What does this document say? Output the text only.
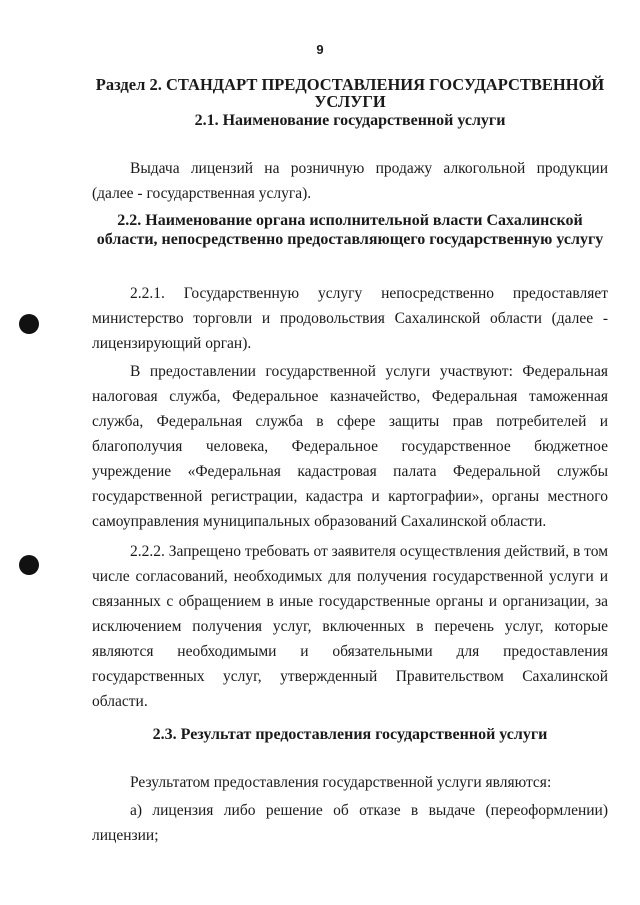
9
Раздел 2. СТАНДАРТ ПРЕДОСТАВЛЕНИЯ ГОСУДАРСТВЕННОЙ УСЛУГИ
2.1. Наименование государственной услуги
Выдача лицензий на розничную продажу алкогольной продукции (далее - государственная услуга).
2.2. Наименование органа исполнительной власти Сахалинской области, непосредственно предоставляющего государственную услугу
2.2.1. Государственную услугу непосредственно предоставляет министерство торговли и продовольствия Сахалинской области (далее - лицензирующий орган).
В предоставлении государственной услуги участвуют: Федеральная налоговая служба, Федеральное казначейство, Федеральная таможенная служба, Федеральная служба в сфере защиты прав потребителей и благополучия человека, Федеральное государственное бюджетное учреждение «Федеральная кадастровая палата Федеральной службы государственной регистрации, кадастра и картографии», органы местного самоуправления муниципальных образований Сахалинской области.
2.2.2. Запрещено требовать от заявителя осуществления действий, в том числе согласований, необходимых для получения государственной услуги и связанных с обращением в иные государственные органы и организации, за исключением получения услуг, включенных в перечень услуг, которые являются необходимыми и обязательными для предоставления государственных услуг, утвержденный Правительством Сахалинской области.
2.3. Результат предоставления государственной услуги
Результатом предоставления государственной услуги являются:
а) лицензия либо решение об отказе в выдаче (переоформлении) лицензии;
